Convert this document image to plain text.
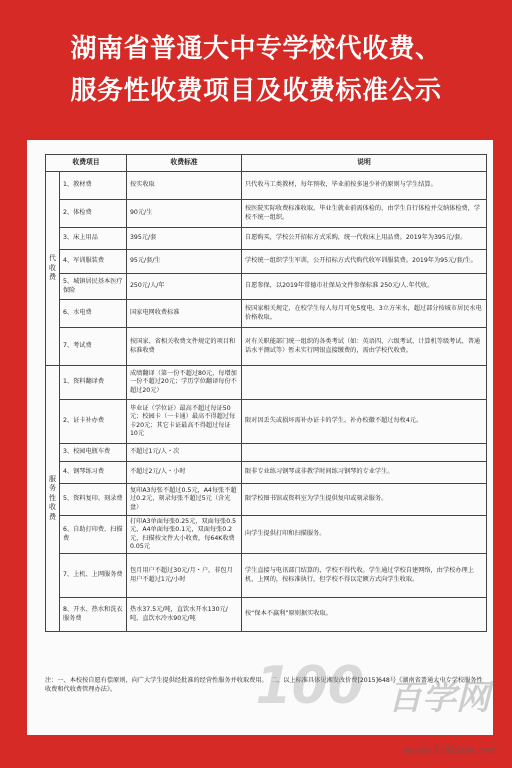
湖南省普通大中专学校代收费、
服务性收费项目及收费标准公示
收费项目		收费标准	说明
代收费	1、教材费	按实收取	只代收马工类教材，每年预收，毕业前按多退少补的原则与学生结算。
	2、体检费	90元/生	按医院实际收费标准收取。毕业生就业前需体检的，由学生自行体检并交纳体检费，学校不统一组织。
	3、床上用品	395元/套	自愿购买，学校公开招标方式采购，统一代收床上用品费。2019年为395元/套。
	4、军训服装费	95元/套/生	学校统一组织学生军训，公开招标方式代购代收军训服装费。2019年为95元/套/生。
	5、城镇居民基本医疗保险	250元/人/年	自愿参保，以2019年常德市社保局文件参保标准 250元/人.年代收。
	6、水电费	国家电网收费标准	按国家相关规定，在校学生每人每月可免5度电、3立方米水，超过部分按城市居民水电价格收取。
	7、考试费	按国家、省相关收费文件规定的项目和标准收费	对有关职能部门统一组织的各类考试（如：英语四、六级考试、计算机等级考试、普通话水平测试等）暂未实行网银直接缴费的，需由学校代收费。
服务性收费	1、资料翻译费	成绩翻译（第一份不超过80元，每增加一份不超过20元；学历学位翻译每份不超过20元）	
	2、证卡补办费	毕业证（学位证）最高不超过每证50元；校园卡（一卡通）最高不得超过每卡20元；其它卡证最高不得超过每证10元	限对因丢失或损坏需补办证卡的学生。补办校徽不超过每枚4元。
	3、校园电瓶车费	不超过1元/人・次	
	4、钢琴练习费	不超过2元/人・小时	限非专业练习钢琴或非教学时间练习钢琴的专业学生。
	5、资料复印、刻录费	复印A3每张不超过0.5元，A4每张不超过0.2元，刻录每张不超过5元（含光盘）	限学校图书馆或资料室为学生提供复印或刻录服务。
	6、自助打印费、扫描费	打印A3单面每张0.25元，双面每张0.5元，A4单面每张0.1元，双面每张0.2元，扫描按文件大小收费，每64K收费0.05元	向学生提供打印和扫描服务。
	7、上机、上网服务费	包月用户不超过30元/月・户，非包月用户不超过1元/小时	学生直接与电讯部门结算的，学校不得代收。学生通过学校自建网络，由学校办理上机、上网的，按标准执行，但学校不得以定额方式向学生收取。
	8、开水、热水和洗衣服务费	热水37.5元/吨，直饮水开水130元/吨，直饮水冷水90元/吨	按“保本不赢利”原则据实收取。
注：一、本校按自愿有偿原则，向广大学生提供经批准的经营性服务并收取费用。　二、以上标准具体见湘发改价费[2015]648号《湖南省普通大中专学校服务性收费和代收费管理办法》。	100 百学网
www.100xue.net
